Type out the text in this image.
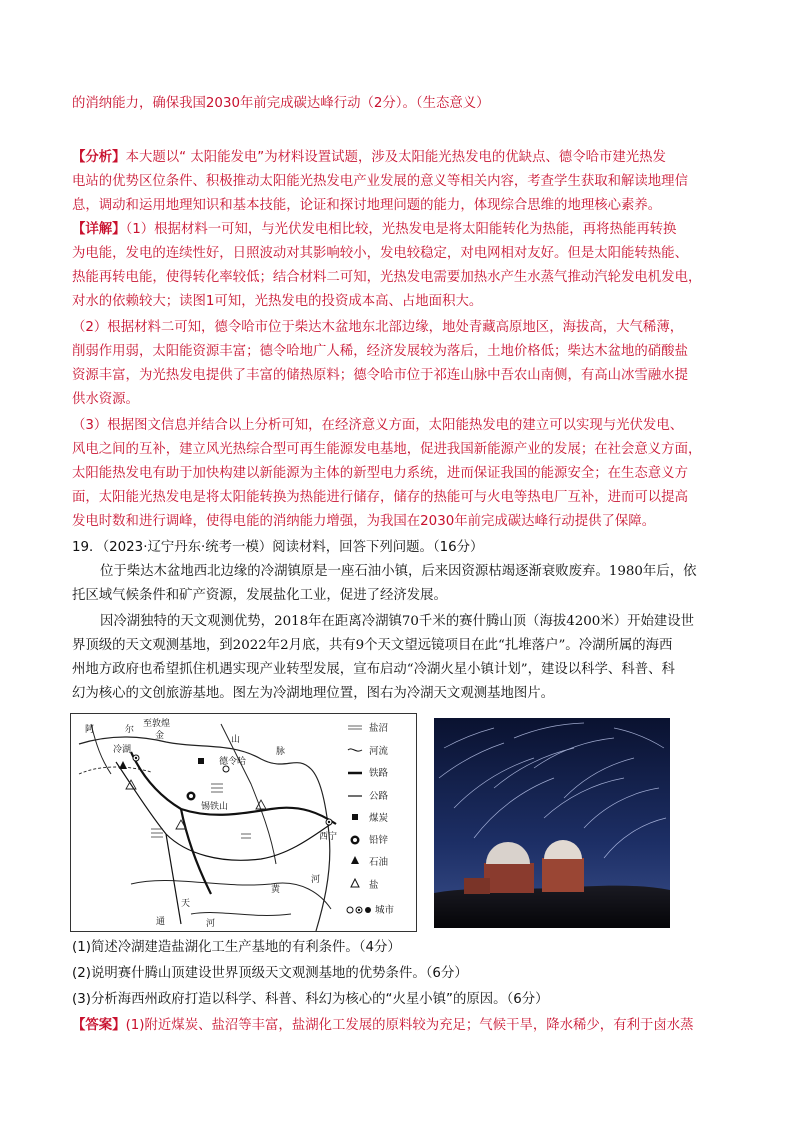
的消纳能力，确保我国2030年前完成碳达峰行动（2分）。（生态意义）
【分析】本大题以“ 太阳能发电”为材料设置试题，涉及太阳能光热发电的优缺点、德令哈市建光热发
电站的优势区位条件、积极推动太阳能光热发电产业发展的意义等相关内容，考查学生获取和解读地理信
息，调动和运用地理知识和基本技能，论证和探讨地理问题的能力，体现综合思维的地理核心素养。
【详解】（1）根据材料一可知，与光伏发电相比较，光热发电是将太阳能转化为热能，再将热能再转换
为电能，发电的连续性好，日照波动对其影响较小，发电较稳定，对电网相对友好。但是太阳能转热能、
热能再转电能，使得转化率较低；结合材料二可知，光热发电需要加热水产生水蒸气推动汽轮发电机发电，
对水的依赖较大；读图1可知，光热发电的投资成本高、占地面积大。
（2）根据材料二可知，德令哈市位于柴达木盆地东北部边缘，地处青藏高原地区，海拔高，大气稀薄，
削弱作用弱，太阳能资源丰富；德令哈地广人稀，经济发展较为落后，土地价格低；柴达木盆地的硝酸盐
资源丰富，为光热发电提供了丰富的储热原料；德令哈市位于祁连山脉中吾农山南侧，有高山冰雪融水提
供水资源。
（3）根据图文信息并结合以上分析可知，在经济意义方面，太阳能热发电的建立可以实现与光伏发电、
风电之间的互补，建立风光热综合型可再生能源发电基地，促进我国新能源产业的发展；在社会意义方面，
太阳能热发电有助于加快构建以新能源为主体的新型电力系统，进而保证我国的能源安全；在生态意义方
面，太阳能光热发电是将太阳能转换为热能进行储存，储存的热能可与火电等热电厂互补，进而可以提高
发电时数和进行调峰，使得电能的消纳能力增强，为我国在2030年前完成碳达峰行动提供了保障。
19．（2023·辽宁丹东·统考一模）阅读材料，回答下列问题。（16分）
位于柴达木盆地西北边缘的冷湖镇原是一座石油小镇，后来因资源枯竭逐渐衰败废弃。1980年后，依
托区域气候条件和矿产资源，发展盐化工业，促进了经济发展。
因冷湖独特的天文观测优势，2018年在距离冷湖镇70千米的赛什腾山顶（海拔4200米）开始建设世
界顶级的天文观测基地，到2022年2月底，共有9个天文望远镜项目在此“扎堆落户”。冷湖所属的海西
州地方政府也希望抓住机遇实现产业转型发展，宣布启动“冷湖火星小镇计划”，建设以科学、科普、科
幻为核心的文创旅游基地。图左为冷湖地理位置，图右为冷湖天文观测基地图片。
阿	尔
至敦煌
金
冷湖
山
德令哈
锡铁山
脉
西宁
河
黄
天
通	河
盐沼
河流
铁路
公路
煤炭
铅锌
石油
盐
城市
(1)简述冷湖建造盐湖化工生产基地的有利条件。（4分）
(2)说明赛什腾山顶建设世界顶级天文观测基地的优势条件。（6分）
(3)分析海西州政府打造以科学、科普、科幻为核心的“火星小镇”的原因。（6分）
【答案】(1)附近煤炭、盐沼等丰富，盐湖化工发展的原料较为充足；气候干旱，降水稀少，有利于卤水蒸
